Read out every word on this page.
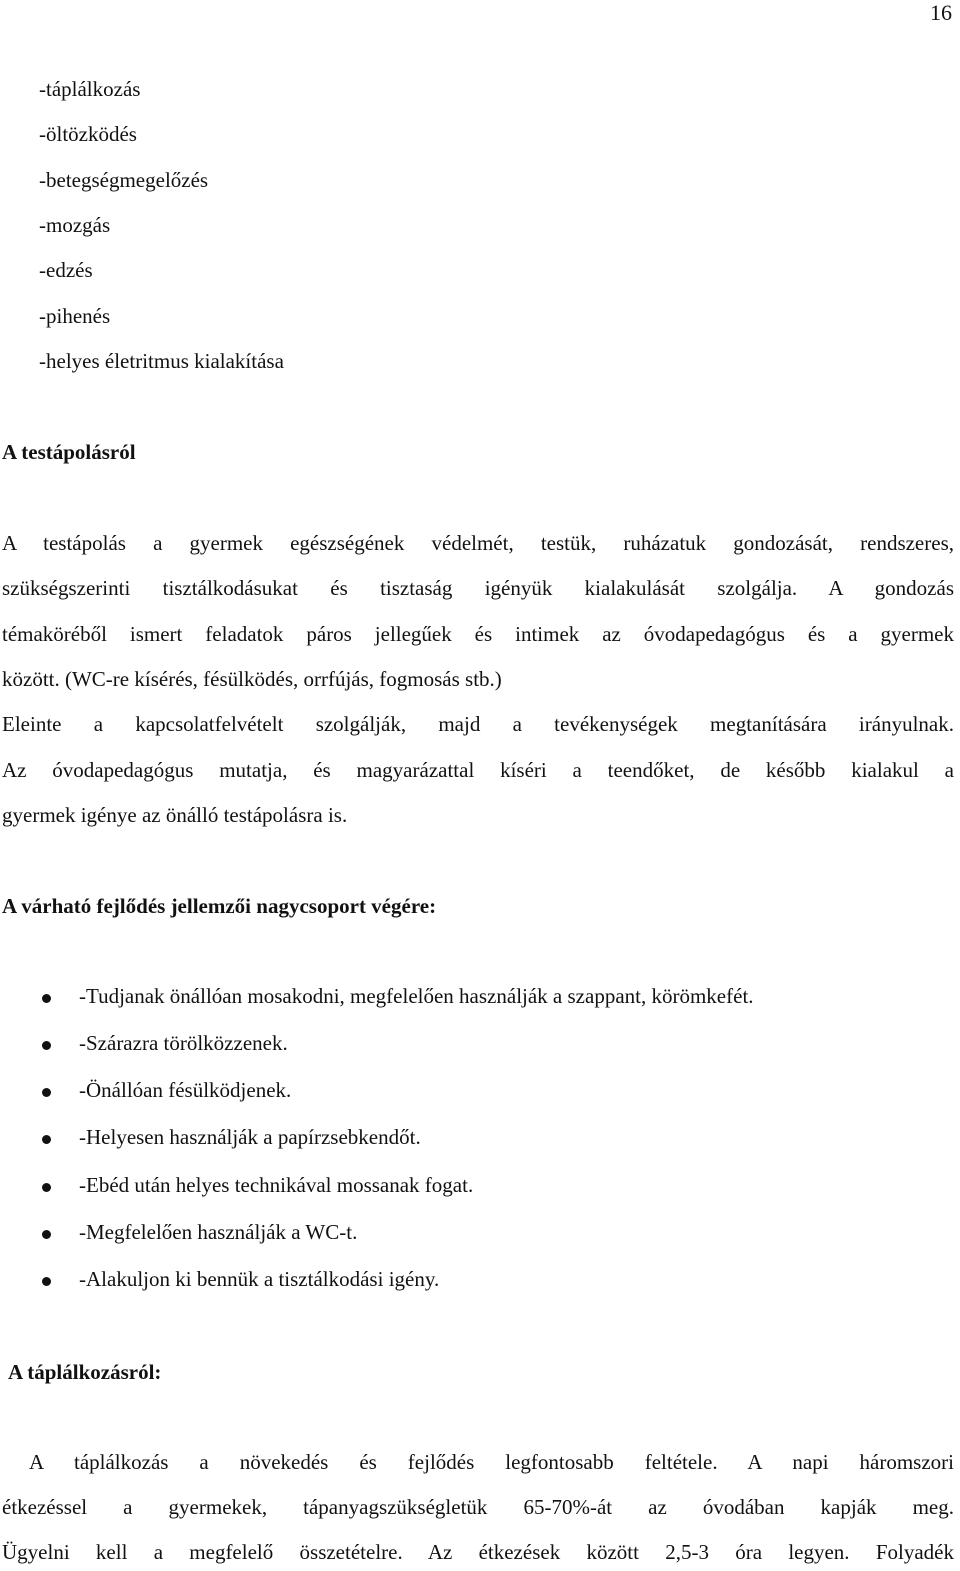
16
-táplálkozás
-öltözködés
-betegségmegelőzés
-mozgás
-edzés
-pihenés
-helyes életritmus kialakítása
A testápolásról
A testápolás a gyermek egészségének védelmét, testük, ruházatuk gondozását, rendszeres,
szükségszerinti tisztálkodásukat és tisztaság igényük kialakulását szolgálja. A gondozás
témaköréből ismert feladatok páros jellegűek és intimek az óvodapedagógus és a gyermek
között. (WC-re kísérés, fésülködés, orrfújás, fogmosás stb.)
Eleinte a kapcsolatfelvételt szolgálják, majd a tevékenységek megtanítására irányulnak.
Az óvodapedagógus mutatja, és magyarázattal kíséri a teendőket, de később kialakul a
gyermek igénye az önálló testápolásra is.
A várható fejlődés jellemzői nagycsoport végére:
-Tudjanak önállóan mosakodni, megfelelően használják a szappant, körömkefét.
-Szárazra törölközzenek.
-Önállóan fésülködjenek.
-Helyesen használják a papírzsebkendőt.
-Ebéd után helyes technikával mossanak fogat.
-Megfelelően használják a WC-t.
-Alakuljon ki bennük a tisztálkodási igény.
A táplálkozásról:
A táplálkozás a növekedés és fejlődés legfontosabb feltétele. A napi háromszori
étkezéssel a gyermekek, tápanyagszükségletük 65-70%-át az óvodában kapják meg.
Ügyelni kell a megfelelő összetételre. Az étkezések között 2,5-3 óra legyen. Folyadék
